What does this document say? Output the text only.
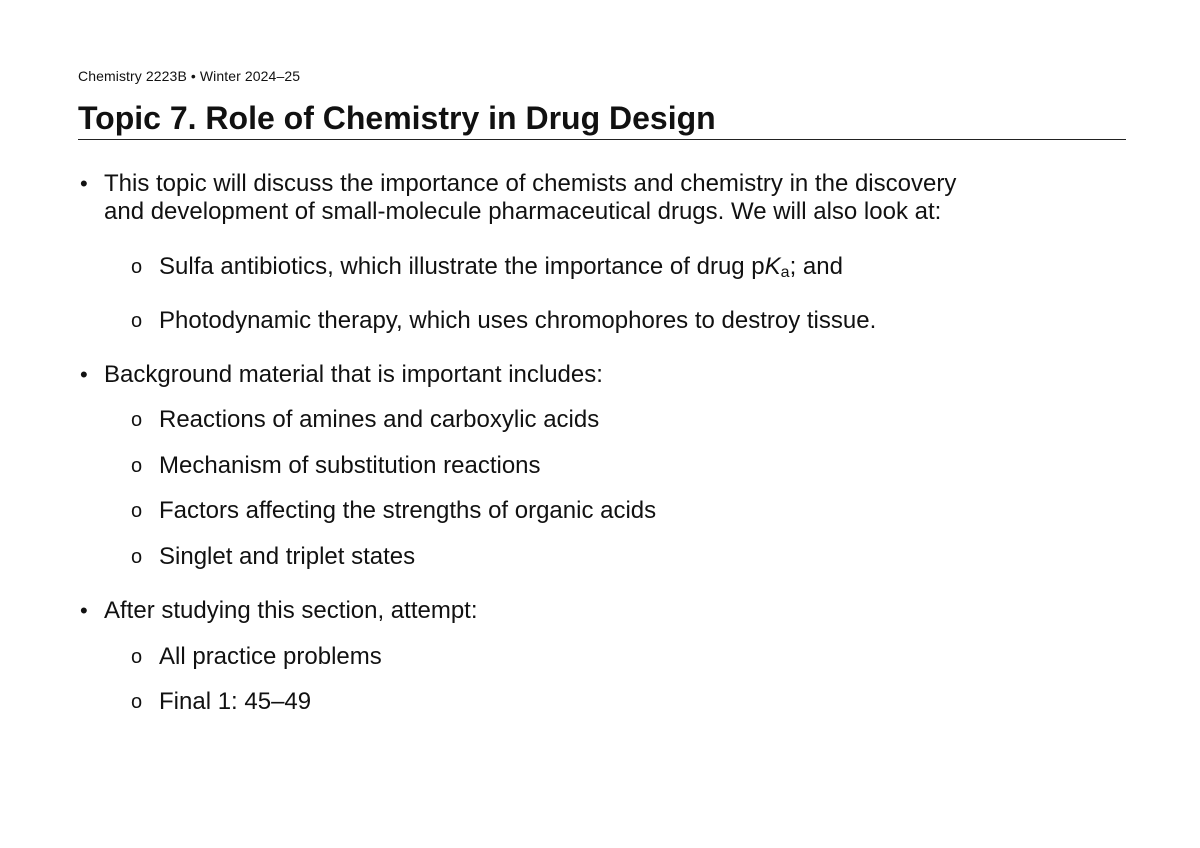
Chemistry 2223B • Winter 2024–25
Topic 7. Role of Chemistry in Drug Design
• This topic will discuss the importance of chemists and chemistry in the discovery
and development of small-molecule pharmaceutical drugs. We will also look at:
o Sulfa antibiotics, which illustrate the importance of drug pKa; and
o Photodynamic therapy, which uses chromophores to destroy tissue.
• Background material that is important includes:
o Reactions of amines and carboxylic acids
o Mechanism of substitution reactions
o Factors affecting the strengths of organic acids
o Singlet and triplet states
• After studying this section, attempt:
o All practice problems
o Final 1: 45–49
